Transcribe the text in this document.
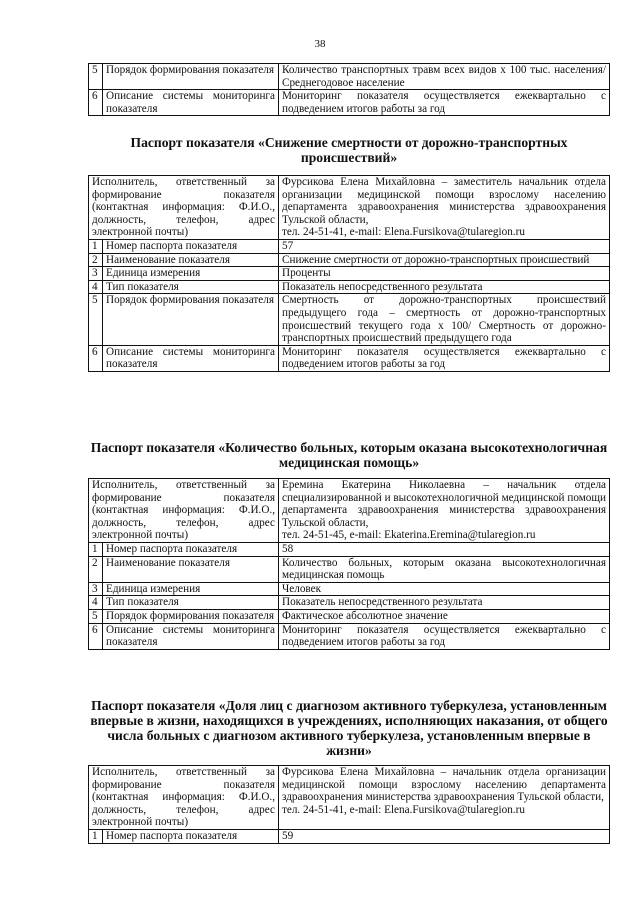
38
5	Порядок формирования показателя	Количество транспортных травм всех видов x 100 тыс. населения/Среднегодовое население
6	Описание системы мониторинга показателя	Мониторинг показателя осуществляется ежеквартально с подведением итогов работы за год
Паспорт показателя «Снижение смертности от дорожно-транспортных происшествий»
Исполнитель, ответственный за формирование показателя (контактная информация: Ф.И.О., должность, телефон, адрес электронной почты)		Фурсикова Елена Михайловна – заместитель начальник отдела организации медицинской помощи взрослому населению департамента здравоохранения министерства здравоохранения Тульской области,
тел. 24-51-41, e-mail: Elena.Fursikova@tularegion.ru

1	Номер паспорта показателя	57
2	Наименование показателя	Снижение смертности от дорожно-транспортных происшествий
3	Единица измерения	Проценты
4	Тип показателя	Показатель непосредственного результата
5	Порядок формирования показателя	Смертность от дорожно-транспортных происшествий предыдущего года – смертность от дорожно-транспортных происшествий текущего года x 100/ Смертность от дорожно-транспортных происшествий предыдущего года
6	Описание системы мониторинга показателя	Мониторинг показателя осуществляется ежеквартально с подведением итогов работы за год
Паспорт показателя «Количество больных, которым оказана высокотехнологичная медицинская помощь»
Исполнитель, ответственный за формирование показателя (контактная информация: Ф.И.О., должность, телефон, адрес электронной почты)		Еремина Екатерина Николаевна – начальник отдела специализированной и высокотехнологичной медицинской помощи департамента здравоохранения министерства здравоохранения Тульской области,
тел. 24-51-45, e-mail: Ekaterina.Eremina@tularegion.ru

1	Номер паспорта показателя	58
2	Наименование показателя	Количество больных, которым оказана высокотехнологичная медицинская помощь
3	Единица измерения	Человек
4	Тип показателя	Показатель непосредственного результата
5	Порядок формирования показателя	Фактическое абсолютное значение
6	Описание системы мониторинга показателя	Мониторинг показателя осуществляется ежеквартально с подведением итогов работы за год
Паспорт показателя «Доля лиц с диагнозом активного туберкулеза, установленным впервые в жизни, находящихся в учреждениях, исполняющих наказания, от общего числа больных с диагнозом активного туберкулеза, установленным впервые в жизни»
Исполнитель, ответственный за формирование показателя (контактная информация: Ф.И.О., должность, телефон, адрес электронной почты)		Фурсикова Елена Михайловна – начальник отдела организации медицинской помощи взрослому населению департамента здравоохранения министерства здравоохранения Тульской области,
тел. 24-51-41, e-mail: Elena.Fursikova@tularegion.ru

1	Номер паспорта показателя	59
